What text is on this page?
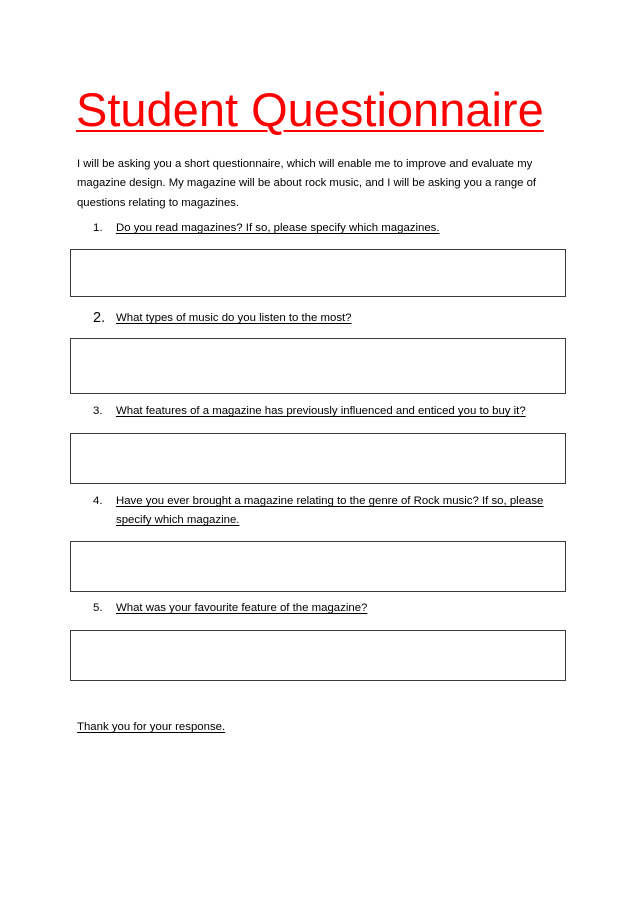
Student Questionnaire

I will be asking you a short questionnaire, which will enable me to improve and evaluate my magazine design. My magazine will be about rock music, and I will be asking you a range of questions relating to magazines.

1.	Do you read magazines? If so, please specify which magazines.
2. What types of music do you listen to the most?
3.	What features of a magazine has previously influenced and enticed you to buy it?
4.	Have you ever brought a magazine relating to the genre of Rock music? If so, please specify which magazine.
5.	What was your favourite feature of the magazine?

Thank you for your response.
